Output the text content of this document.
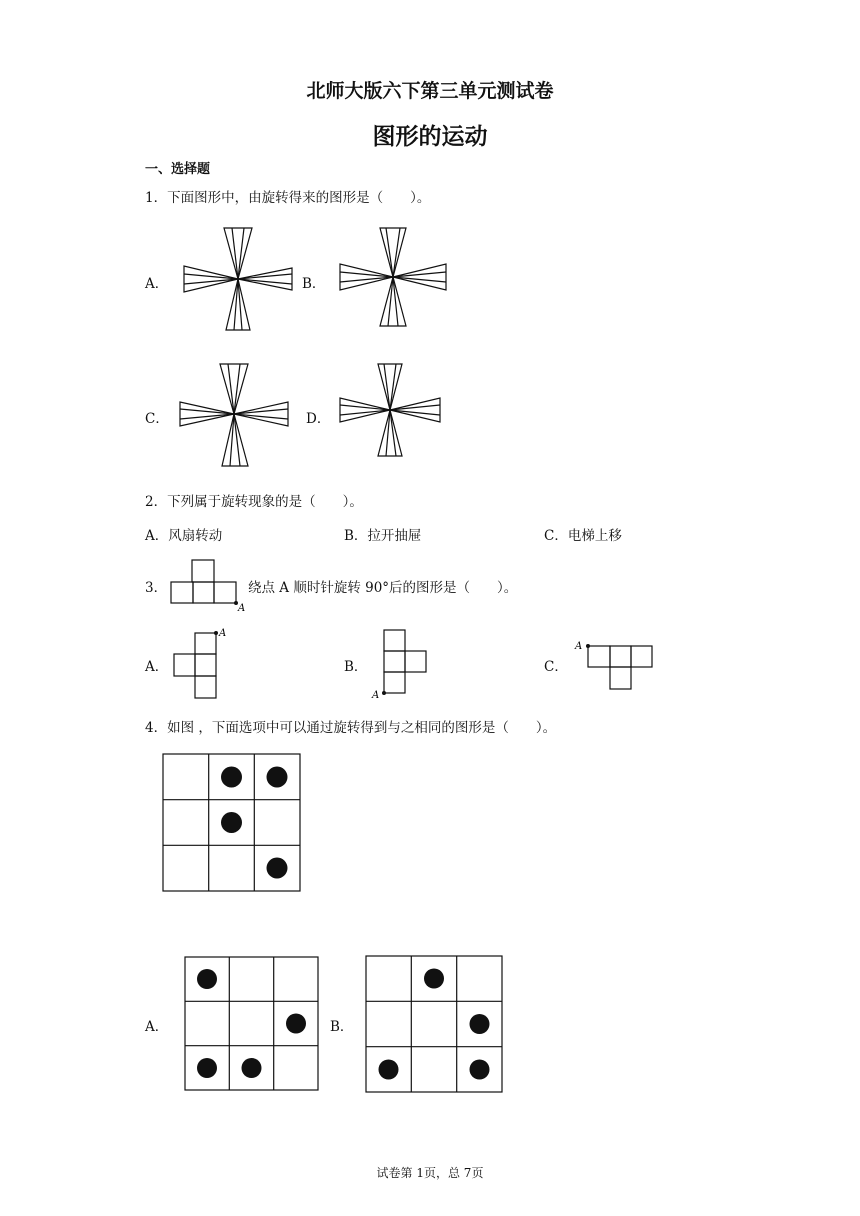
北师大版六下第三单元测试卷
图形的运动
一、选择题
1．下面图形中，由旋转得来的图形是（　　）。
A．	B．
C．	D．
2．下列属于旋转现象的是（　　）。
A．风扇转动	B．拉开抽屉	C．电梯上移
3．
A
绕点 A 顺时针旋转 90°后的图形是（　　）。
A．
A
B．
A
C．
A
4．如图 ，下面选项中可以通过旋转得到与之相同的图形是（　　）。
A．	B．
试卷第 1页，总 7页
